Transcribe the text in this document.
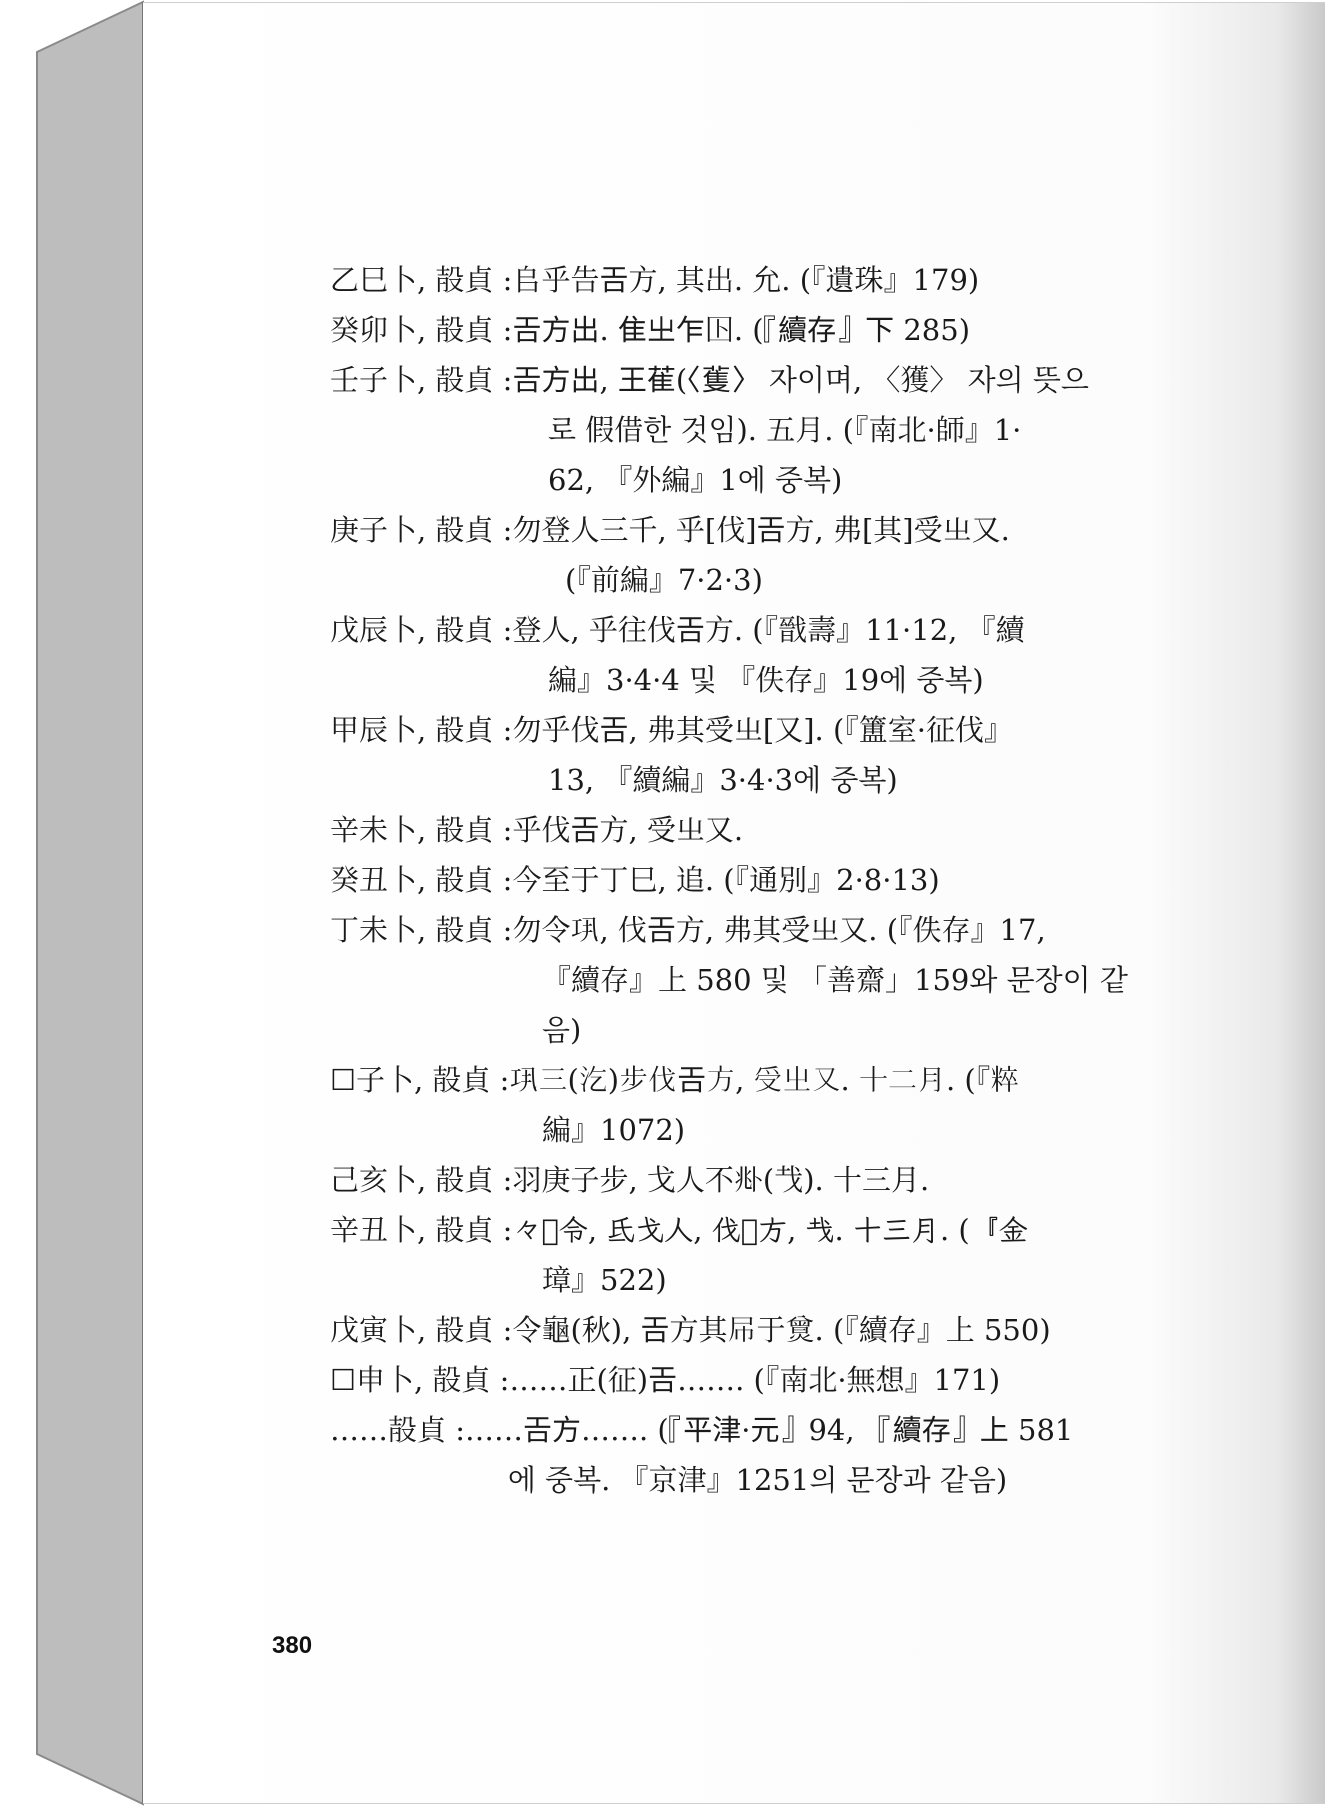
乙巳卜, 㱿貞 : 𠂤乎告𢀛方, 其出. 允. (『遺珠』179)
癸卯卜, 㱿貞 : 𢀛方出. 隹㞢乍𡆥. (『續存』下 285)
壬子卜, 㱿貞 : 𢀛方出, 王萑(〈蒦〉 자이며, 〈獲〉 자의 뜻으
로 假借한 것임). 五月. (『南北·師』1·
62, 『外編』1에 중복)
庚子卜, 㱿貞 : 勿登人三千, 乎[伐]𢀛方, 弗[其]受㞢又.
(『前編』7·2·3)
戊辰卜, 㱿貞 : 登人, 乎往伐𢀛方. (『戩壽』11·12, 『續
編』3·4·4 및 『佚存』19에 중복)
甲辰卜, 㱿貞 : 勿乎伐𢀛, 弗其受㞢[又]. (『簠室·征伐』
13, 『續編』3·4·3에 중복)
辛未卜, 㱿貞 : 乎伐𢀛方, 受㞢又.
癸丑卜, 㱿貞 : 今至于丁巳, 追. (『通別』2·8·13)
丁未卜, 㱿貞 : 勿令𢀜, 伐𢀛方, 弗其受㞢又. (『佚存』17,
『續存』上 580 및 「善齋」159와 문장이 같
음)
☐子卜, 㱿貞 : 𢀜三(汔)步伐𢀛方, 受㞢又. 十二月. (『粹
編』1072)
己亥卜, 㱿貞 : 羽庚子步, 戈人不𠧞(𢦏). 十三月.
辛丑卜, 㱿貞 : 𠚤𦏲令, 氐戈人, 伐𢀛方, 𢦏. 十三月. (『金
璋』522)
戊寅卜, 㱿貞 : 令龜(秋), 𢀛方其𡰯于𤎯. (『續存』上 550)
☐申卜, 㱿貞 : ……正(征)𢀛……. (『南北·無想』171)
……㱿貞 : ……𢀛方……. (『平津·元』94, 『續存』上 581
에 중복. 『京津』1251의 문장과 같음)
380
